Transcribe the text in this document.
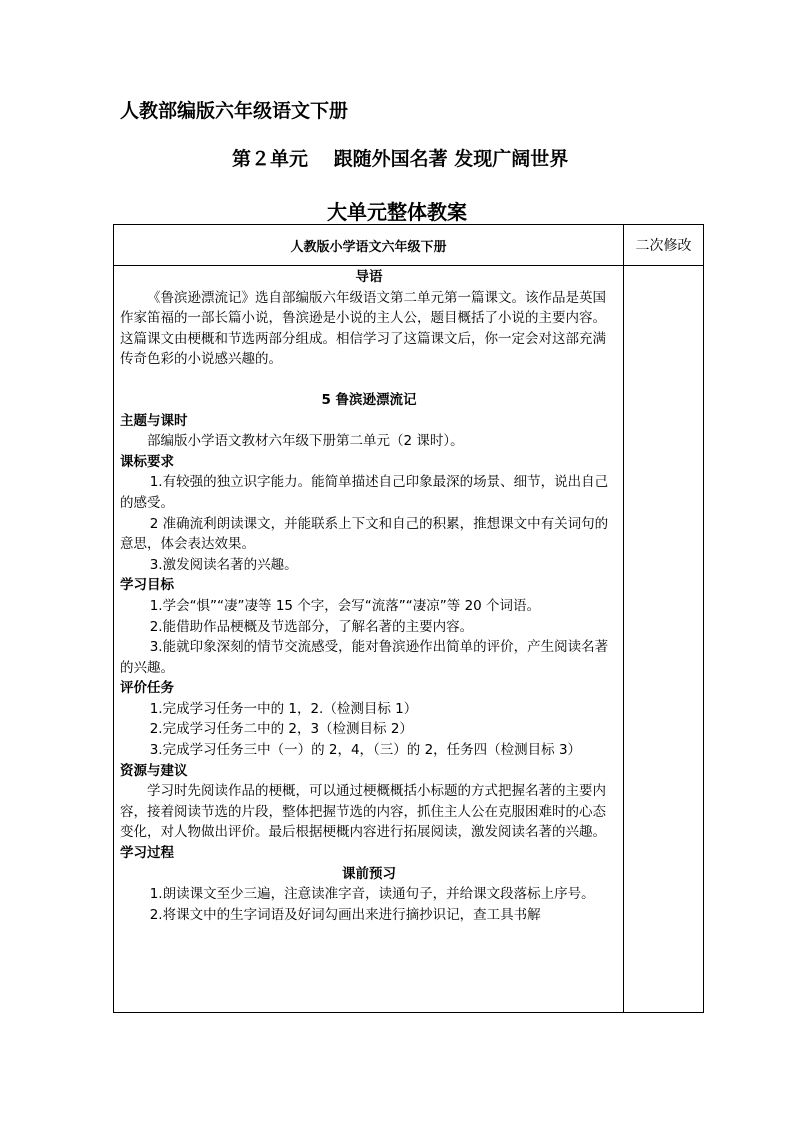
人教部编版六年级语文下册
第２单元　 跟随外国名著 发现广阔世界
大单元整体教案
人教版小学语文六年级下册	二次修改

导语

《鲁滨逊漂流记》选自部编版六年级语文第二单元第一篇课文。该作品是英国作家笛福的一部长篇小说，鲁滨逊是小说的主人公，题目概括了小说的主要内容。这篇课文由梗概和节选两部分组成。相信学习了这篇课文后，你一定会对这部充满传奇色彩的小说感兴趣的。

5 鲁滨逊漂流记

主题与课时

部编版小学语文教材六年级下册第二单元（2 课时）。

课标要求

1.有较强的独立识字能力。能简单描述自己印象最深的场景、细节，说出自己的感受。

2 准确流利朗读课文，并能联系上下文和自己的积累，推想课文中有关词句的意思，体会表达效果。

3.激发阅读名著的兴趣。

学习目标

1.学会“惧”“凄”凄等 15 个字，会写“流落”“凄凉”等 20 个词语。

2.能借助作品梗概及节选部分，了解名著的主要内容。

3.能就印象深刻的情节交流感受，能对鲁滨逊作出简单的评价，产生阅读名著的兴趣。

评价任务

1.完成学习任务一中的 1，2.（检测目标 1）

2.完成学习任务二中的 2，3（检测目标 2）

3.完成学习任务三中（一）的 2，4，（三）的 2，任务四（检测目标 3）

资源与建议

学习时先阅读作品的梗概，可以通过梗概概括小标题的方式把握名著的主要内容，接着阅读节选的片段，整体把握节选的内容，抓住主人公在克服困难时的心态变化，对人物做出评价。最后根据梗概内容进行拓展阅读，激发阅读名著的兴趣。

学习过程

课前预习

1.朗读课文至少三遍，注意读准字音，读通句子，并给课文段落标上序号。

2.将课文中的生字词语及好词勾画出来进行摘抄识记，查工具书解
